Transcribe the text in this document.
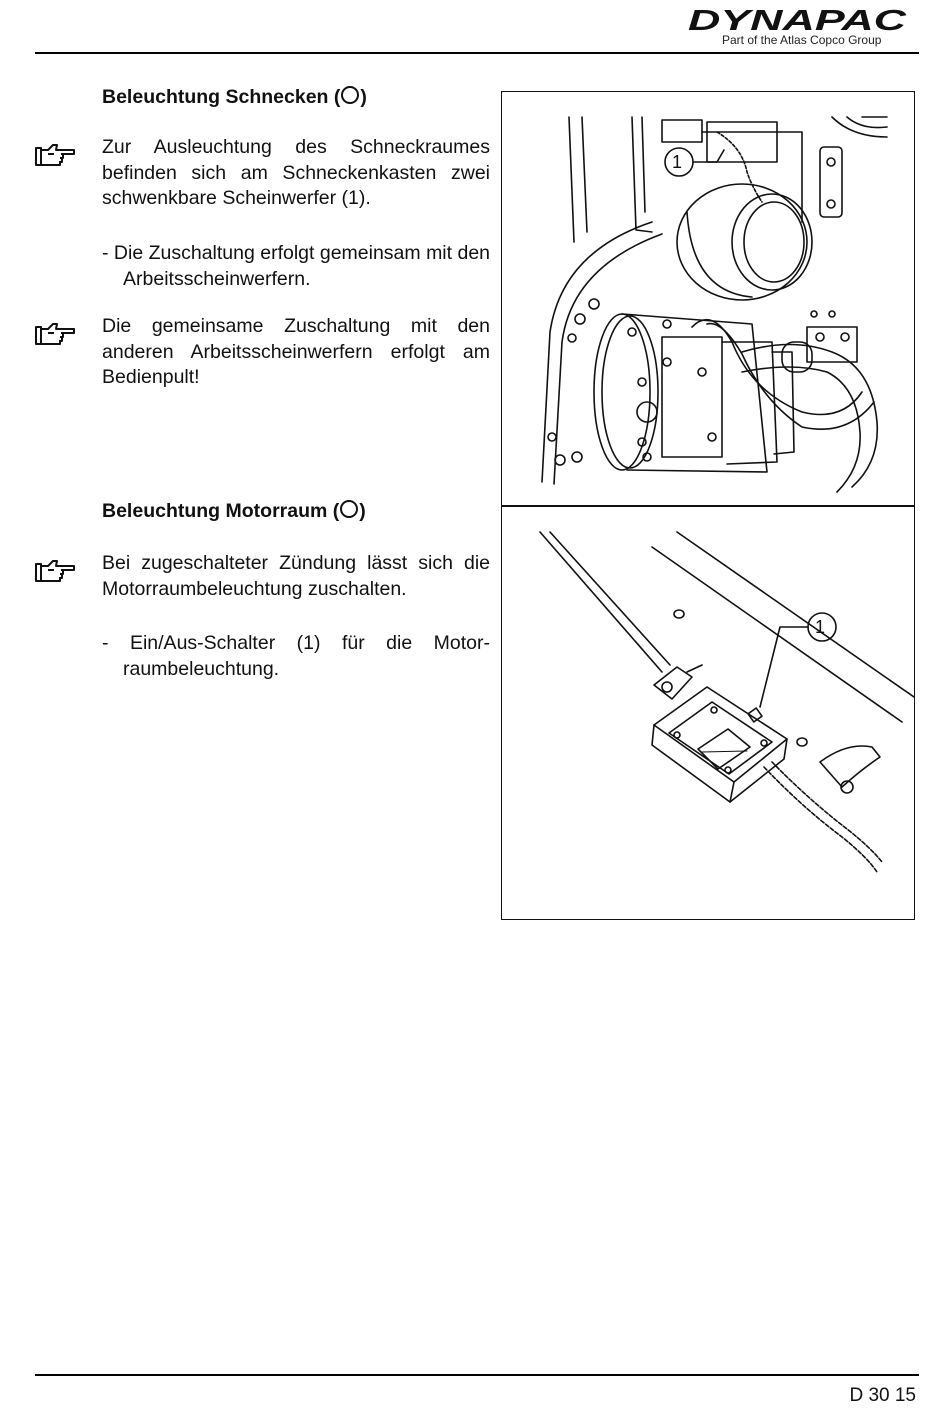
DYNAPAC
Part of the Atlas Copco Group
Beleuchtung Schnecken ( )
Zur Ausleuchtung des Schneckraumes befinden sich am Schneckenkasten zwei schwenkbare Scheinwerfer (1).
- Die Zuschaltung erfolgt gemeinsam mit den Arbeitsscheinwerfern.
Die gemeinsame Zuschaltung mit den anderen Arbeitsscheinwerfern erfolgt am Bedienpult!
Beleuchtung Motorraum ( )
Bei zugeschalteter Zündung lässt sich die Motorraumbeleuchtung zuschalten.
- Ein/Aus-Schalter (1) für die Motor-raumbeleuchtung.
1
1
D 30 15
